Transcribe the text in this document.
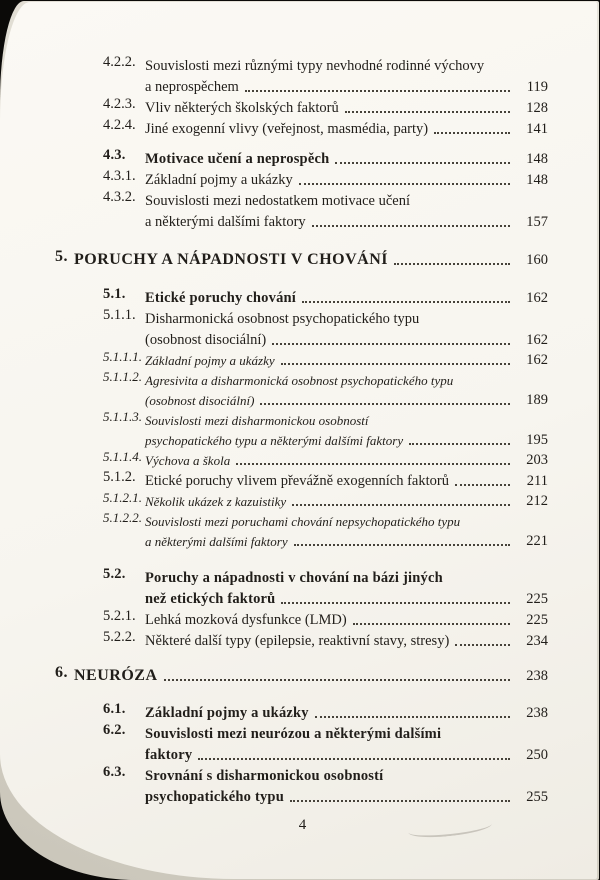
4.2.2. Souvislosti mezi různými typy nevhodné rodinné výchovy
a neprospěchem	119
4.2.3. Vliv některých školských faktorů	128
4.2.4. Jiné exogenní vlivy (veřejnost, masmédia, party)	141
4.3.	Motivace učení a neprospěch	148
4.3.1. Základní pojmy a ukázky	148
4.3.2. Souvislosti mezi nedostatkem motivace učení
a některými dalšími faktory	157
5. PORUCHY A NÁPADNOSTI V CHOVÁNÍ	160
5.1.	Etické poruchy chování	162
5.1.1. Disharmonická osobnost psychopatického typu
(osobnost disociální)	162
5.1.1.1. Základní pojmy a ukázky	162
5.1.1.2. Agresivita a disharmonická osobnost psychopatického typu
(osobnost disociální)	189
5.1.1.3. Souvislosti mezi disharmonickou osobností
psychopatického typu a některými dalšími faktory	195
5.1.1.4. Výchova a škola	203
5.1.2. Etické poruchy vlivem převážně exogenních faktorů	211
5.1.2.1. Několik ukázek z kazuistiky	212
5.1.2.2. Souvislosti mezi poruchami chování nepsychopatického typu
a některými dalšími faktory	221
5.2.	Poruchy a nápadnosti v chování na bázi jiných
než etických faktorů	225
5.2.1. Lehká mozková dysfunkce (LMD)	225
5.2.2. Některé další typy (epilepsie, reaktivní stavy, stresy)	234
6. NEURÓZA	238
6.1.	Základní pojmy a ukázky	238
6.2.	Souvislosti mezi neurózou a některými dalšími
faktory	250
6.3.	Srovnání s disharmonickou osobností
psychopatického typu	255
4
